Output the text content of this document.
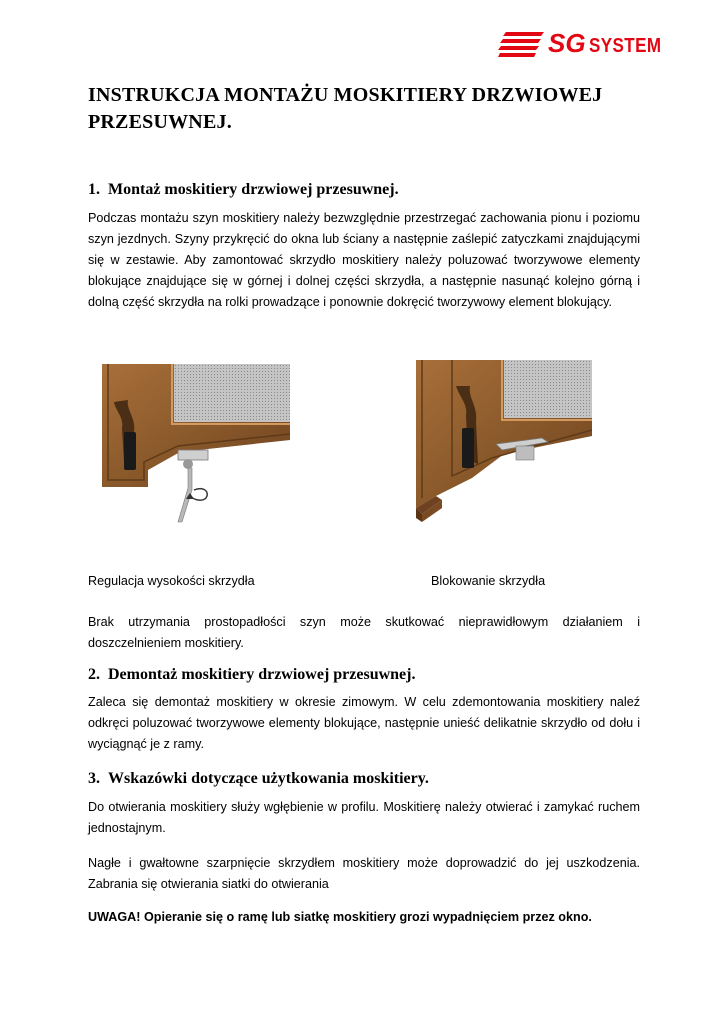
SG SYSTEM
INSTRUKCJA MONTAŻU MOSKITIERY DRZWIOWEJ PRZESUWNEJ.
1. Montaż moskitiery drzwiowej przesuwnej.

Podczas montażu szyn moskitiery należy bezwzględnie przestrzegać zachowania pionu i poziomu szyn jezdnych. Szyny przykręcić do okna lub ściany a następnie zaślepić zatyczkami znajdującymi się w zestawie. Aby zamontować skrzydło moskitiery należy poluzować tworzywowe elementy blokujące znajdujące się w górnej i dolnej części skrzydła, a następnie nasunąć kolejno górną i dolną część skrzydła na rolki prowadzące i ponownie dokręcić tworzywowy element blokujący.

Regulacja wysokości skrzydła	Blokowanie skrzydła

Brak utrzymania prostopadłości szyn może skutkować nieprawidłowym działaniem i doszczelnieniem moskitiery.

2. Demontaż moskitiery drzwiowej przesuwnej.

Zaleca się demontaż moskitiery w okresie zimowym. W celu zdemontowania moskitiery naleź odkręci poluzować tworzywowe elementy blokujące, następnie unieść delikatnie skrzydło od dołu i wyciągnąć je z ramy.

3. Wskazówki dotyczące użytkowania moskitiery.

Do otwierania moskitiery służy wgłębienie w profilu. Moskitierę należy otwierać i zamykać ruchem jednostajnym.

Nagłe i gwałtowne szarpnięcie skrzydłem moskitiery może doprowadzić do jej uszkodzenia. Zabrania się otwierania siatki do otwierania

UWAGA! Opieranie się o ramę lub siatkę moskitiery grozi wypadnięciem przez okno.
